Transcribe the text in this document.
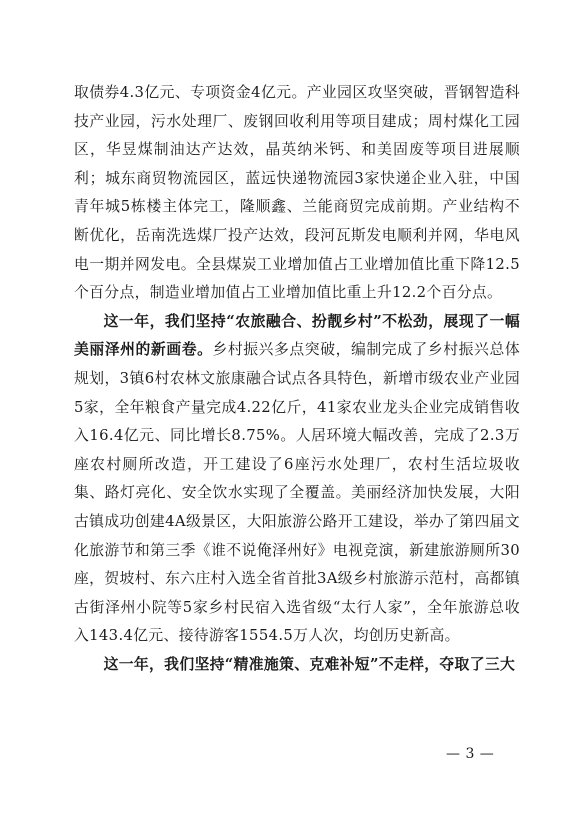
取债券4.3亿元、专项资金4亿元。产业园区攻坚突破，晋钢智造科技产业园，污水处理厂、废钢回收利用等项目建成；周村煤化工园区，华昱煤制油达产达效，晶英纳米钙、和美固废等项目进展顺利；城东商贸物流园区，蓝远快递物流园3家快递企业入驻，中国青年城5栋楼主体完工，隆顺鑫、兰能商贸完成前期。产业结构不断优化，岳南洗选煤厂投产达效，段河瓦斯发电顺利并网，华电风电一期并网发电。全县煤炭工业增加值占工业增加值比重下降12.5个百分点，制造业增加值占工业增加值比重上升12.2个百分点。

这一年，我们坚持“农旅融合、扮靓乡村”不松劲，展现了一幅美丽泽州的新画卷。乡村振兴多点突破，编制完成了乡村振兴总体规划，3镇6村农林文旅康融合试点各具特色，新增市级农业产业园5家，全年粮食产量完成4.22亿斤，41家农业龙头企业完成销售收入16.4亿元、同比增长8.75%。人居环境大幅改善，完成了2.3万座农村厕所改造，开工建设了6座污水处理厂，农村生活垃圾收集、路灯亮化、安全饮水实现了全覆盖。美丽经济加快发展，大阳古镇成功创建4A级景区，大阳旅游公路开工建设，举办了第四届文化旅游节和第三季《谁不说俺泽州好》电视竞演，新建旅游厕所30座，贺坡村、东六庄村入选全省首批3A级乡村旅游示范村，高都镇古街泽州小院等5家乡村民宿入选省级“太行人家”，全年旅游总收入143.4亿元、接待游客1554.5万人次，均创历史新高。

这一年，我们坚持“精准施策、克难补短”不走样，夺取了三大

— 3 —
